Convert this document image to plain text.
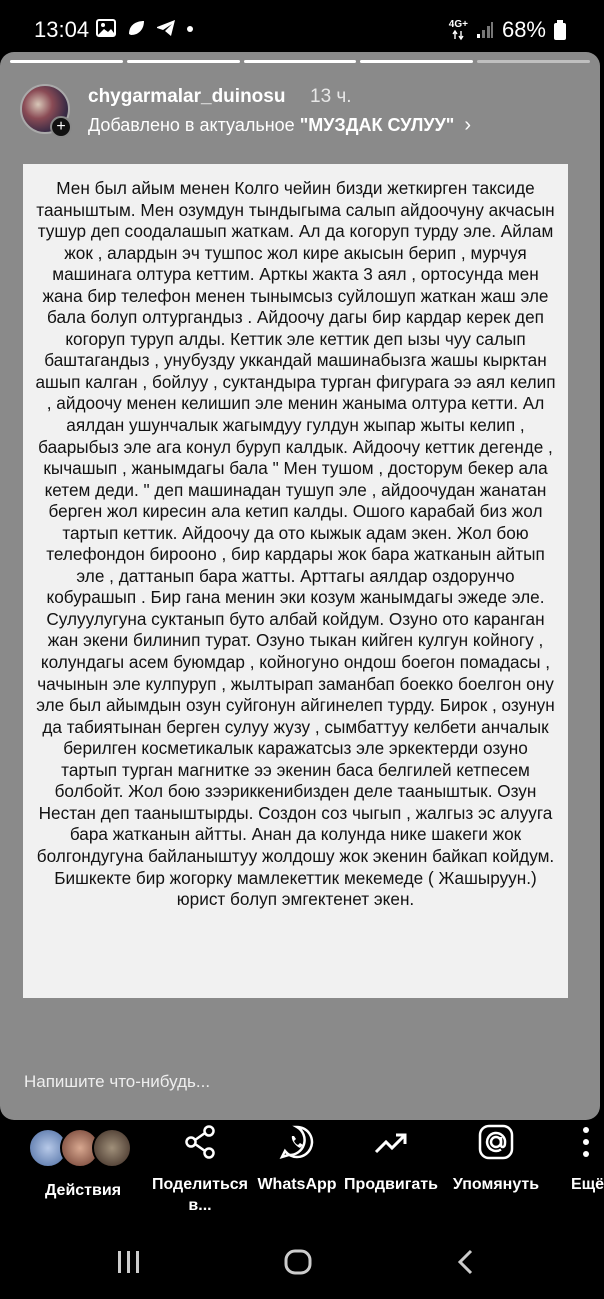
13:04	4G+ 68%
+
chygarmalar_duinosu 13 ч.
Добавлено в актуальное "МУЗДАК СУЛУУ" ›

Мен был айым менен Колго чейин бизди жеткирген таксиде тааныштым. Мен озумдун тындыгыма салып айдоочуну акчасын тушур деп соодалашып жаткам. Ал да когоруп турду эле. Айлам жок , алардын эч тушпос жол кире акысын берип , мурчуя машинага олтура кеттим. Арткы жакта 3 аял , ортосунда мен жана бир телефон менен тынымсыз суйлошуп жаткан жаш эле бала болуп олтургандыз . Айдоочу дагы бир кардар керек деп когоруп туруп алды. Кеттик эле кеттик деп ызы чуу салып баштагандыз , унубузду уккандай машинабызга жашы кырктан ашып калган , бойлуу , суктандыра турган фигурага ээ аял келип , айдоочу менен келишип эле менин жаныма олтура кетти. Ал аялдан ушунчалык жагымдуу гулдун жыпар жыты келип , баарыбыз эле ага конул буруп калдык. Айдоочу кеттик дегенде , кычашып , жанымдагы бала " Мен тушом , досторум бекер ала кетем деди. " деп машинадан тушуп эле , айдоочудан жанатан берген жол киресин ала кетип калды. Ошого карабай биз жол тартып кеттик. Айдоочу да ото кыжык адам экен. Жол бою телефондон бирооно , бир кардары жок бара жатканын айтып эле , даттанып бара жатты. Арттагы аялдар оздорунчо кобурашып . Бир гана менин эки козум жанымдагы эжеде эле. Сулуулугуна суктанып буто албай койдум. Озуно ото каранган жан экени билинип турат. Озуно тыкан кийген кулгун койногу , колундагы асем буюмдар , койногуно ондош боегон помадасы , чачынын эле кулпуруп , жылтырап заманбап боекко боелгон ону эле был айымдын озун суйгонун айгинелеп турду. Бирок , озунун да табиятынан берген сулуу жузу , сымбаттуу келбети анчалык берилген косметикалык каражатсыз эле эркектерди озуно тартып турган магнитке ээ экенин баса белгилей кетпесем болбойт. Жол бою зээриккенибизден деле тааныштык. Озун Нестан деп тааныштырды. Создон соз чыгып , жалгыз эс алууга бара жатканын айтты. Анан да колунда нике шакеги жок болгондугуна байланыштуу жолдошу жок экенин байкап койдум.
Бишкекте бир жогорку мамлекеттик мекемеде ( Жашыруун.) юрист болуп эмгектенет экен.

Напишите что-нибудь...
Действия	Поделиться в...
WhatsApp Продвигать Упомянуть	Ещё
